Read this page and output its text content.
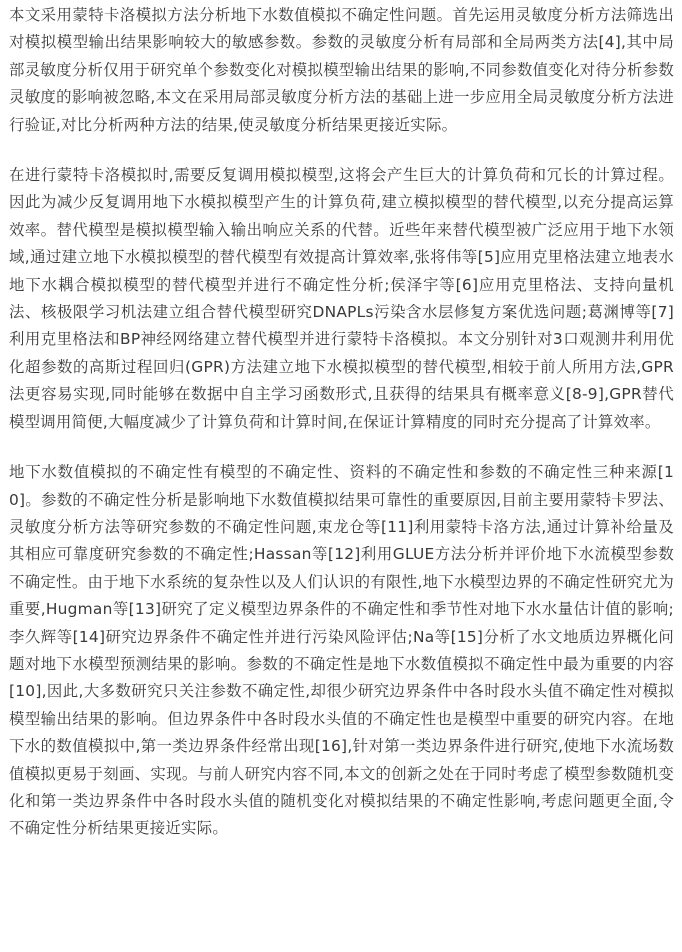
本文采用蒙特卡洛模拟方法分析地下水数值模拟不确定性问题。首先运用灵敏度分析方法筛选出对模拟模型输出结果影响较大的敏感参数。参数的灵敏度分析有局部和全局两类方法[4],其中局部灵敏度分析仅用于研究单个参数变化对模拟模型输出结果的影响,不同参数值变化对待分析参数灵敏度的影响被忽略,本文在采用局部灵敏度分析方法的基础上进一步应用全局灵敏度分析方法进行验证,对比分析两种方法的结果,使灵敏度分析结果更接近实际。

在进行蒙特卡洛模拟时,需要反复调用模拟模型,这将会产生巨大的计算负荷和冗长的计算过程。因此为减少反复调用地下水模拟模型产生的计算负荷,建立模拟模型的替代模型,以充分提高运算效率。替代模型是模拟模型输入输出响应关系的代替。近些年来替代模型被广泛应用于地下水领域,通过建立地下水模拟模型的替代模型有效提高计算效率,张将伟等[5]应用克里格法建立地表水地下水耦合模拟模型的替代模型并进行不确定性分析;侯泽宇等[6]应用克里格法、支持向量机法、核极限学习机法建立组合替代模型研究DNAPLs污染含水层修复方案优选问题;葛渊博等[7]利用克里格法和BP神经网络建立替代模型并进行蒙特卡洛模拟。本文分别针对3口观测井利用优化超参数的高斯过程回归(GPR)方法建立地下水模拟模型的替代模型,相较于前人所用方法,GPR法更容易实现,同时能够在数据中自主学习函数形式,且获得的结果具有概率意义[8-9],GPR替代模型调用简便,大幅度减少了计算负荷和计算时间,在保证计算精度的同时充分提高了计算效率。

地下水数值模拟的不确定性有模型的不确定性、资料的不确定性和参数的不确定性三种来源[10]。参数的不确定性分析是影响地下水数值模拟结果可靠性的重要原因,目前主要用蒙特卡罗法、灵敏度分析方法等研究参数的不确定性问题,束龙仓等[11]利用蒙特卡洛方法,通过计算补给量及其相应可靠度研究参数的不确定性;Hassan等[12]利用GLUE方法分析并评价地下水流模型参数不确定性。由于地下水系统的复杂性以及人们认识的有限性,地下水模型边界的不确定性研究尤为重要,Hugman等[13]研究了定义模型边界条件的不确定性和季节性对地下水水量估计值的影响;李久辉等[14]研究边界条件不确定性并进行污染风险评估;Na等[15]分析了水文地质边界概化问题对地下水模型预测结果的影响。参数的不确定性是地下水数值模拟不确定性中最为重要的内容[10],因此,大多数研究只关注参数不确定性,却很少研究边界条件中各时段水头值不确定性对模拟模型输出结果的影响。但边界条件中各时段水头值的不确定性也是模型中重要的研究内容。在地下水的数值模拟中,第一类边界条件经常出现[16],针对第一类边界条件进行研究,使地下水流场数值模拟更易于刻画、实现。与前人研究内容不同,本文的创新之处在于同时考虑了模型参数随机变化和第一类边界条件中各时段水头值的随机变化对模拟结果的不确定性影响,考虑问题更全面,令不确定性分析结果更接近实际。
